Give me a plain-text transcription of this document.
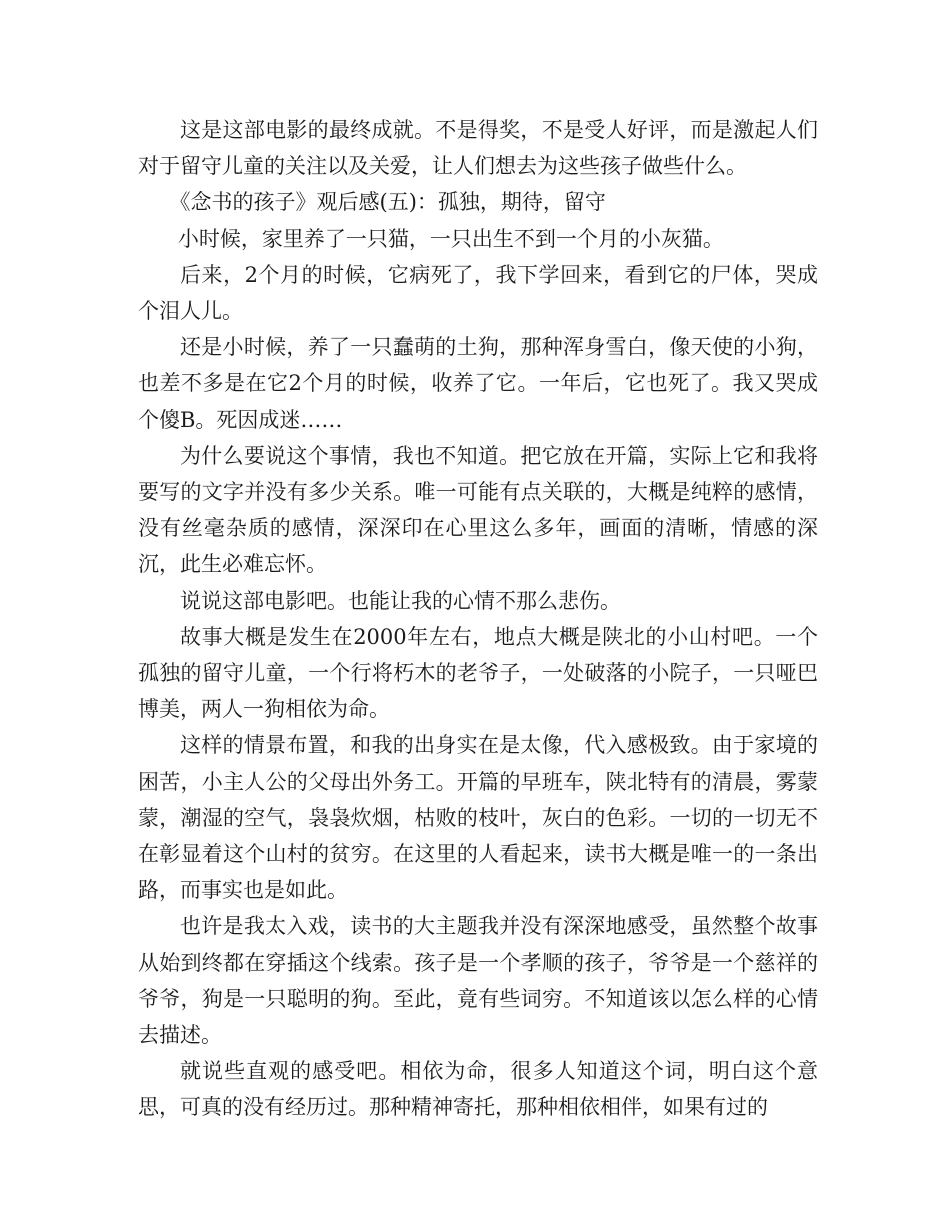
这是这部电影的最终成就。不是得奖，不是受人好评，而是激起人们对于留守儿童的关注以及关爱，让人们想去为这些孩子做些什么。

《念书的孩子》观后感(五)：孤独，期待，留守

小时候，家里养了一只猫，一只出生不到一个月的小灰猫。

后来，2个月的时候，它病死了，我下学回来，看到它的尸体，哭成个泪人儿。

还是小时候，养了一只蠢萌的土狗，那种浑身雪白，像天使的小狗，也差不多是在它2个月的时候，收养了它。一年后，它也死了。我又哭成个傻B。死因成迷……

为什么要说这个事情，我也不知道。把它放在开篇，实际上它和我将要写的文字并没有多少关系。唯一可能有点关联的，大概是纯粹的感情，没有丝毫杂质的感情，深深印在心里这么多年，画面的清晰，情感的深沉，此生必难忘怀。

说说这部电影吧。也能让我的心情不那么悲伤。

故事大概是发生在2000年左右，地点大概是陕北的小山村吧。一个孤独的留守儿童，一个行将朽木的老爷子，一处破落的小院子，一只哑巴博美，两人一狗相依为命。

这样的情景布置，和我的出身实在是太像，代入感极致。由于家境的困苦，小主人公的父母出外务工。开篇的早班车，陕北特有的清晨，雾蒙蒙，潮湿的空气，袅袅炊烟，枯败的枝叶，灰白的色彩。一切的一切无不在彰显着这个山村的贫穷。在这里的人看起来，读书大概是唯一的一条出路，而事实也是如此。

也许是我太入戏，读书的大主题我并没有深深地感受，虽然整个故事从始到终都在穿插这个线索。孩子是一个孝顺的孩子，爷爷是一个慈祥的爷爷，狗是一只聪明的狗。至此，竟有些词穷。不知道该以怎么样的心情去描述。

就说些直观的感受吧。相依为命，很多人知道这个词，明白这个意思，可真的没有经历过。那种精神寄托，那种相依相伴，如果有过的
